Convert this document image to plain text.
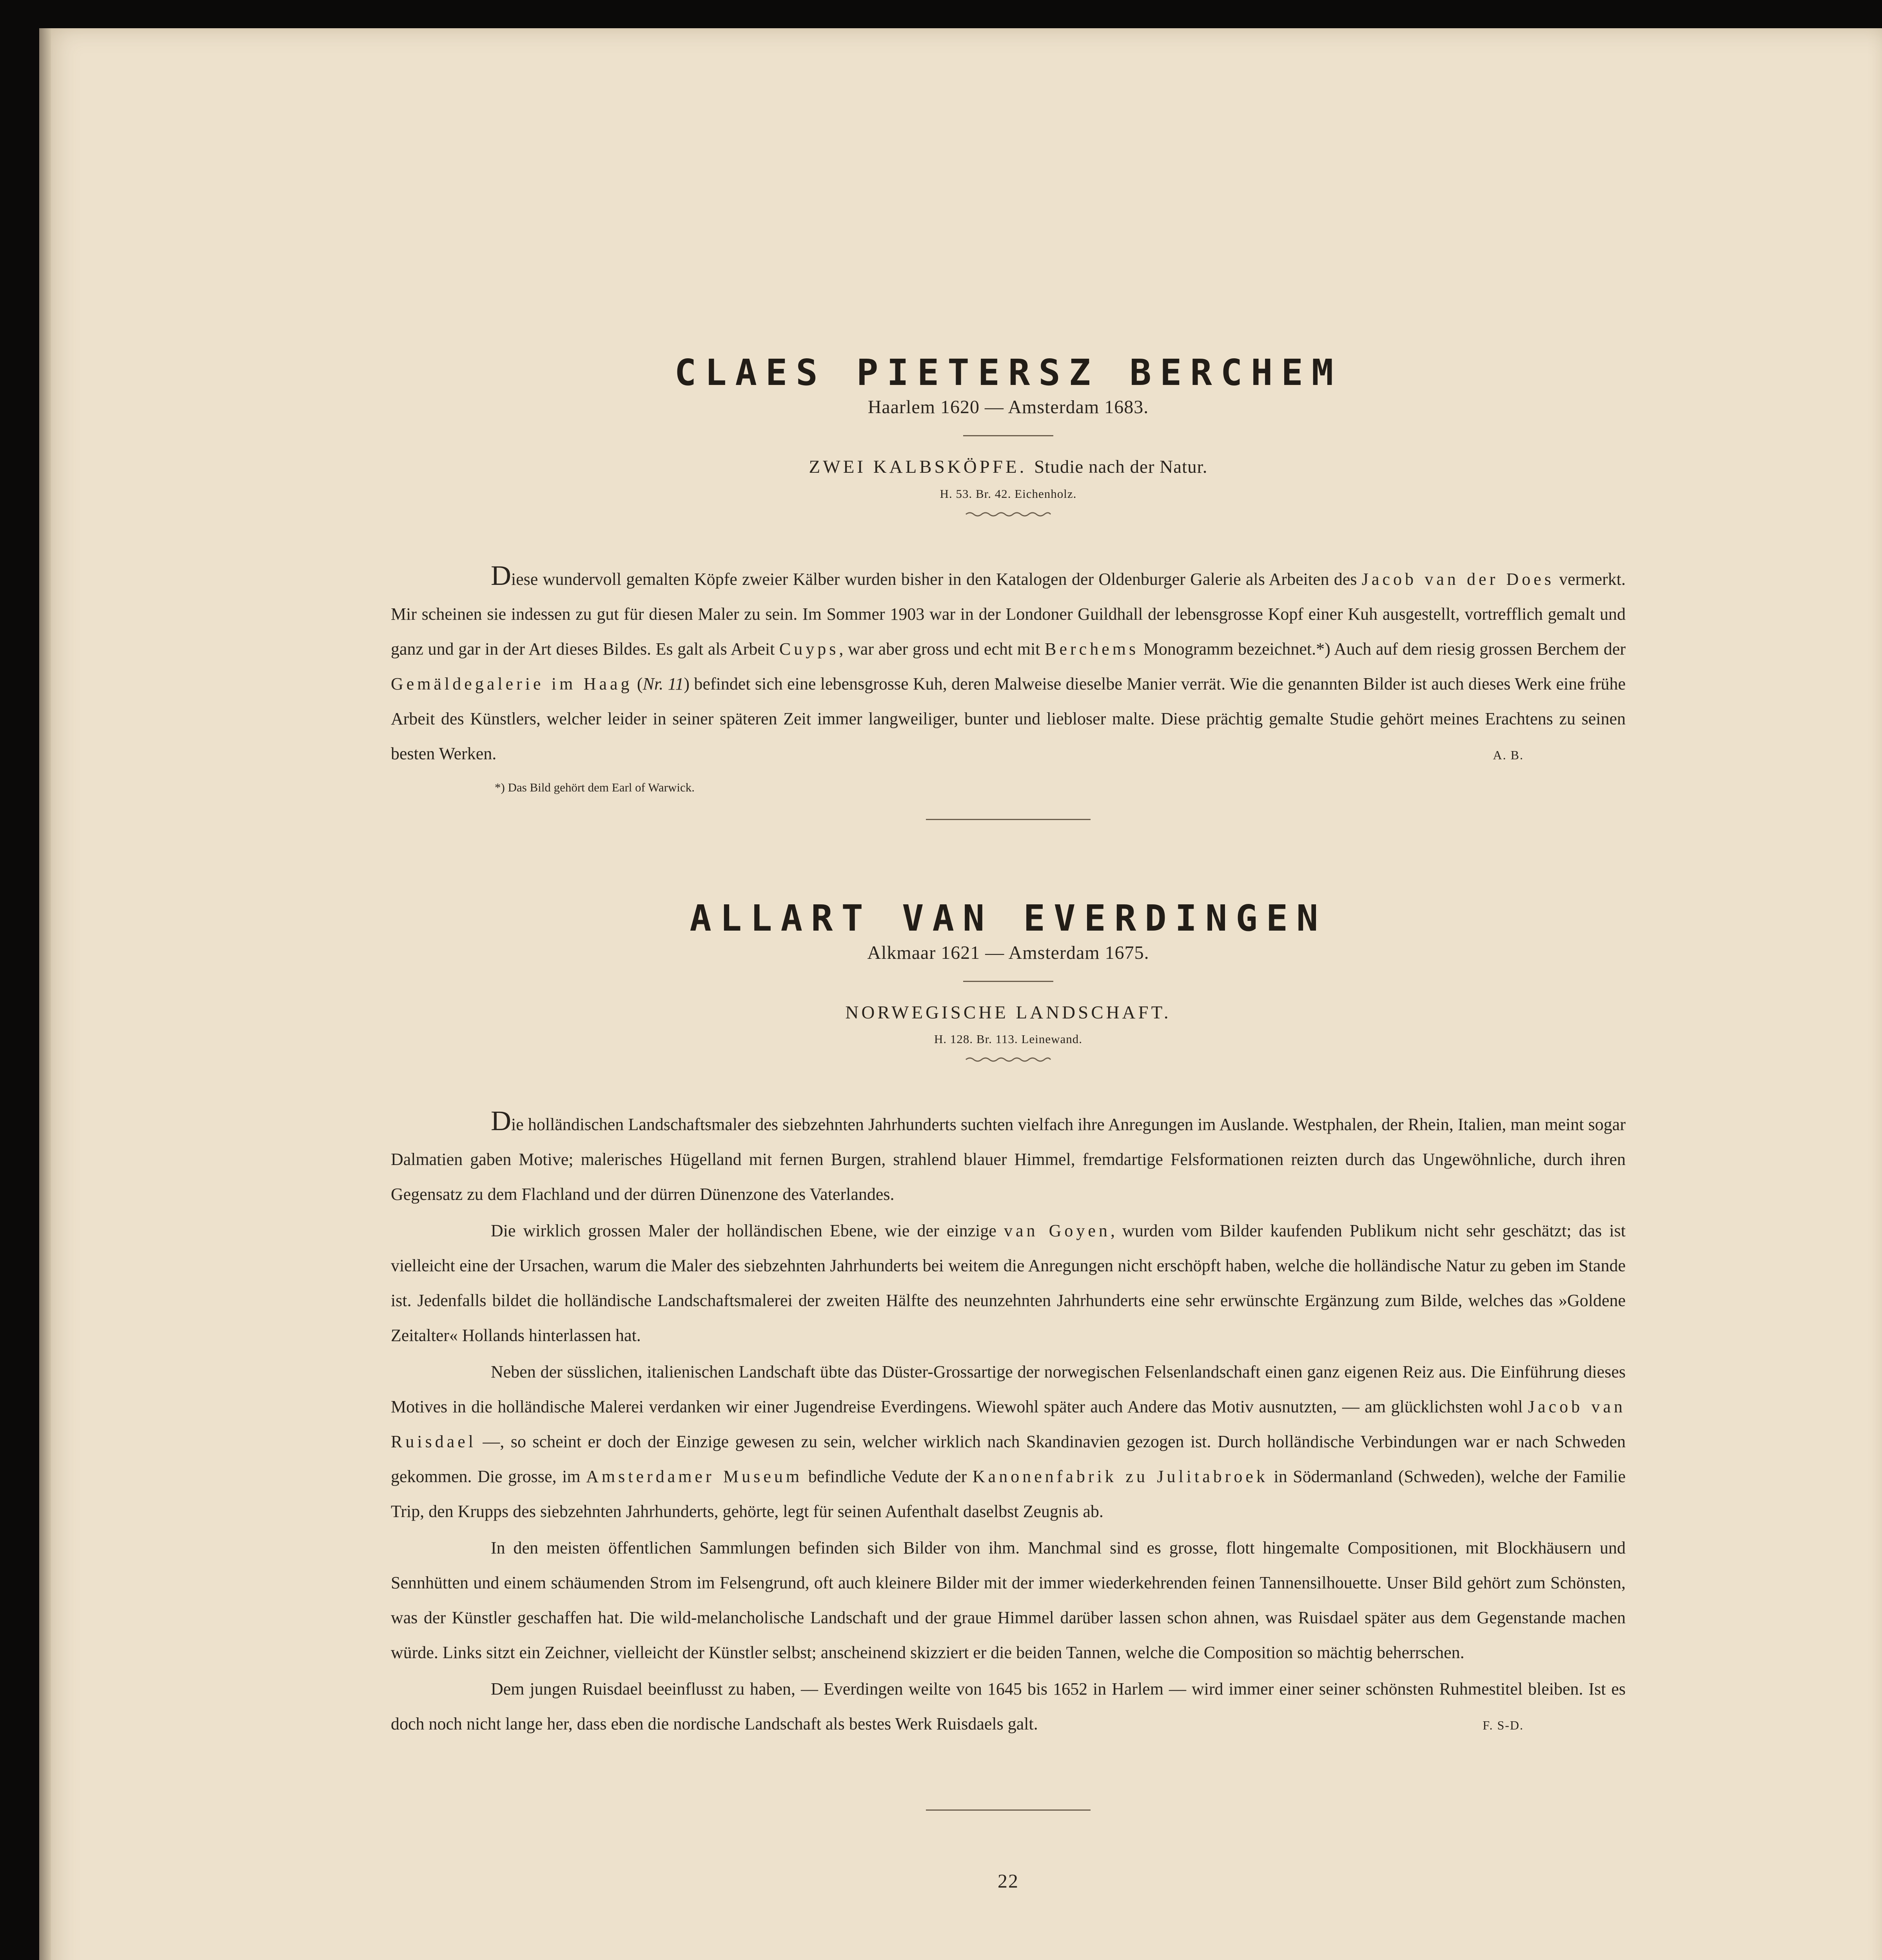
CLAES PIETERSZ BERCHEM
Haarlem 1620 — Amsterdam 1683.
ZWEI KALBSKÖPFE. Studie nach der Natur.
H. 53. Br. 42. Eichenholz.

Diese wundervoll gemalten Köpfe zweier Kälber wurden bisher in den Katalogen der Oldenburger Galerie als Arbeiten des Jacob van der Does vermerkt. Mir scheinen sie indessen zu gut für diesen Maler zu sein. Im Sommer 1903 war in der Londoner Guildhall der lebensgrosse Kopf einer Kuh ausgestellt, vortrefflich gemalt und ganz und gar in der Art dieses Bildes. Es galt als Arbeit Cuyps, war aber gross und echt mit Berchems Monogramm bezeichnet.*) Auch auf dem riesig grossen Berchem der Gemäldegalerie im Haag (Nr. 11) befindet sich eine lebensgrosse Kuh, deren Malweise dieselbe Manier verrät. Wie die genannten Bilder ist auch dieses Werk eine frühe Arbeit des Künstlers, welcher leider in seiner späteren Zeit immer langweiliger, bunter und liebloser malte. Diese prächtig gemalte Studie gehört meines Erachtens zu seinen besten Werken.	A. B.

*) Das Bild gehört dem Earl of Warwick.
ALLART VAN EVERDINGEN
Alkmaar 1621 — Amsterdam 1675.
NORWEGISCHE LANDSCHAFT.
H. 128. Br. 113. Leinewand.

Die holländischen Landschaftsmaler des siebzehnten Jahrhunderts suchten vielfach ihre Anregungen im Auslande. Westphalen, der Rhein, Italien, man meint sogar Dalmatien gaben Motive; malerisches Hügelland mit fernen Burgen, strahlend blauer Himmel, fremdartige Felsformationen reizten durch das Ungewöhnliche, durch ihren Gegensatz zu dem Flachland und der dürren Dünenzone des Vaterlandes.

Die wirklich grossen Maler der holländischen Ebene, wie der einzige van Goyen, wurden vom Bilder kaufenden Publikum nicht sehr geschätzt; das ist vielleicht eine der Ursachen, warum die Maler des siebzehnten Jahrhunderts bei weitem die Anregungen nicht erschöpft haben, welche die holländische Natur zu geben im Stande ist. Jedenfalls bildet die holländische Landschaftsmalerei der zweiten Hälfte des neunzehnten Jahrhunderts eine sehr erwünschte Ergänzung zum Bilde, welches das »Goldene Zeitalter« Hollands hinterlassen hat.

Neben der süsslichen, italienischen Landschaft übte das Düster-Grossartige der norwegischen Felsenlandschaft einen ganz eigenen Reiz aus. Die Einführung dieses Motives in die holländische Malerei verdanken wir einer Jugendreise Everdingens. Wiewohl später auch Andere das Motiv ausnutzten, — am glücklichsten wohl Jacob van Ruisdael —, so scheint er doch der Einzige gewesen zu sein, welcher wirklich nach Skandinavien gezogen ist. Durch holländische Verbindungen war er nach Schweden gekommen. Die grosse, im Amsterdamer Museum befindliche Vedute der Kanonenfabrik zu Julitabroek in Södermanland (Schweden), welche der Familie Trip, den Krupps des siebzehnten Jahrhunderts, gehörte, legt für seinen Aufenthalt daselbst Zeugnis ab.

In den meisten öffentlichen Sammlungen befinden sich Bilder von ihm. Manchmal sind es grosse, flott hingemalte Compositionen, mit Blockhäusern und Sennhütten und einem schäumenden Strom im Felsengrund, oft auch kleinere Bilder mit der immer wiederkehrenden feinen Tannensilhouette. Unser Bild gehört zum Schönsten, was der Künstler geschaffen hat. Die wild-melancholische Landschaft und der graue Himmel darüber lassen schon ahnen, was Ruisdael später aus dem Gegenstande machen würde. Links sitzt ein Zeichner, vielleicht der Künstler selbst; anscheinend skizziert er die beiden Tannen, welche die Composition so mächtig beherrschen.

Dem jungen Ruisdael beeinflusst zu haben, — Everdingen weilte von 1645 bis 1652 in Harlem — wird immer einer seiner schönsten Ruhmestitel bleiben. Ist es doch noch nicht lange her, dass eben die nordische Landschaft als bestes Werk Ruisdaels galt.	F. S-D.

22
